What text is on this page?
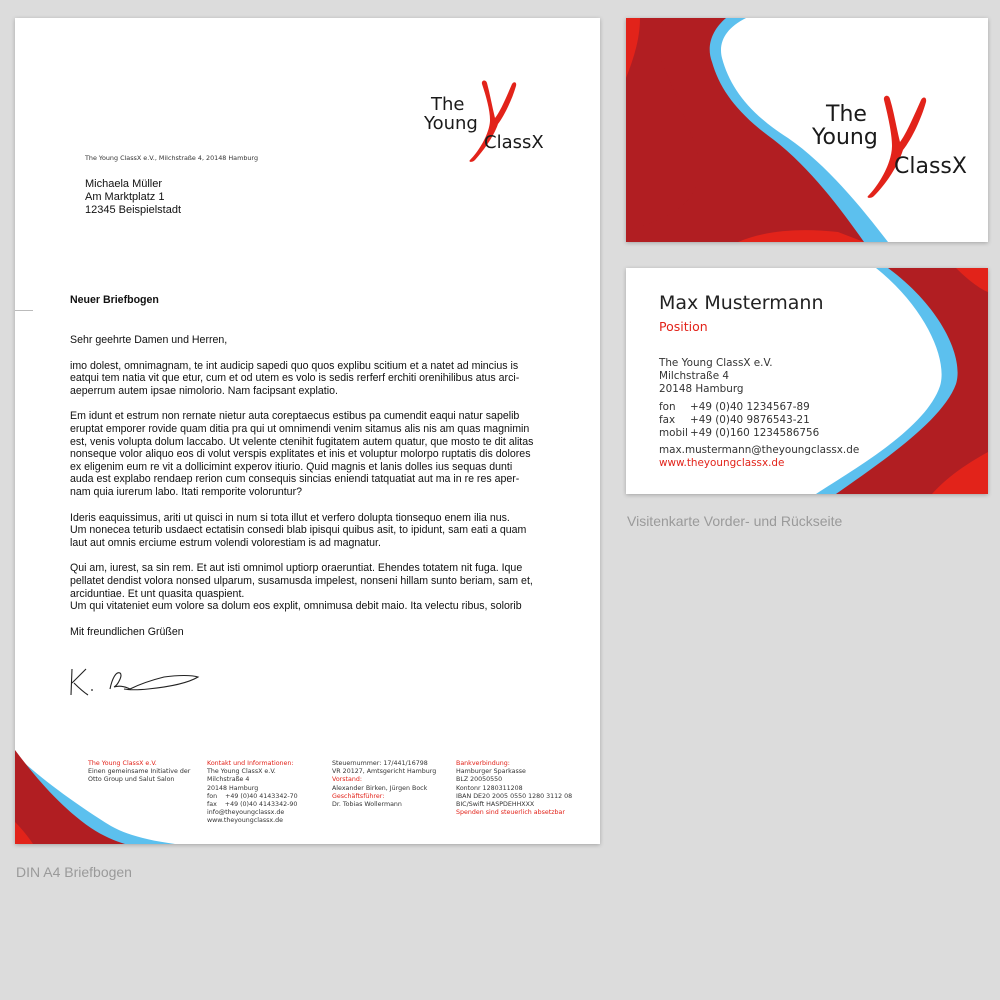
The
Young
ClassX
The Young ClassX e.V., Milchstraße 4, 20148 Hamburg
Michaela Müller
Am Marktplatz 1
12345 Beispielstadt
Neuer Briefbogen

Sehr geehrte Damen und Herren,

imo dolest, omnimagnam, te int audicip sapedi quo quos explibu scitium et a natet ad mincius is
eatqui tem natia vit que etur, cum et od utem es volo is sedis rerferf erchiti orenihilibus atus arci-
aeperrum autem ipsae nimolorio. Nam facipsant explatio.

Em idunt et estrum non rernate nietur auta coreptaecus estibus pa cumendit eaqui natur sapelib
eruptat emporer rovide quam ditia pra qui ut omnimendi venim sitamus alis nis am quas magnimin
est, venis volupta dolum laccabo. Ut velente ctenihit fugitatem autem quatur, que mosto te dit alitas
nonseque volor aliquo eos di volut verspis explitates et inis et voluptur molorpo ruptatis dis dolores
ex eligenim eum re vit a dollicimint experov itiurio. Quid magnis et lanis dolles ius sequas dunti
auda est explabo rendaep rerion cum consequis sincias eniendi tatquatiat aut ma in re res aper-
nam quia iurerum labo. Itati remporite voloruntur?

Ideris eaquissimus, ariti ut quisci in num si tota illut et verfero dolupta tionsequo enem ilia nus.
Um nonecea teturib usdaect ectatisin consedi blab ipisqui quibus asit, to ipidunt, sam eati a quam
laut aut omnis erciume estrum volendi volorestiam is ad magnatur.

Qui am, iurest, sa sin rem. Et aut isti omnimol uptiorp oraeruntiat. Ehendes totatem nit fuga. Ique
pellatet dendist volora nonsed ulparum, susamusda impelest, nonseni hillam sunto beriam, sam et,
arciduntiae. Et unt quasita quaspient.
Um qui vitateniet eum volore sa dolum eos explit, omnimusa debit maio. Ita velectu ribus, solorib

Mit freundlichen Grüßen

The Young ClassX e.V.
Einen gemeinsame Initiative der
Otto Group und Salut Salon
Kontakt und Informationen:
The Young ClassX e.V.
Milchstraße 4
20148 Hamburg
fon    +49 (0)40 4143342-70
fax    +49 (0)40 4143342-90
info@theyoungclassx.de
www.theyoungclassx.de
Steuernummer: 17/441/16798
VR 20127, Amtsgericht Hamburg
Vorstand:
Alexander Birken, Jürgen Bock
Geschäftsführer:
Dr. Tobias Wollermann
Bankverbindung:
Hamburger Sparkasse
BLZ 20050550
Kontonr 1280311208
IBAN DE20 2005 0550 1280 3112 08
BIC/Swift HASPDEHHXXX
Spenden sind steuerlich absetzbar
The
Young
ClassX
Max Mustermann
Position
The Young ClassX e.V.
Milchstraße 4
20148 Hamburg
fon +49 (0)40 1234567-89
fax +49 (0)40 9876543-21
mobil +49 (0)160 1234586756
max.mustermann@theyoungclassx.de
www.theyoungclassx.de
Visitenkarte Vorder- und Rückseite
DIN A4 Briefbogen
